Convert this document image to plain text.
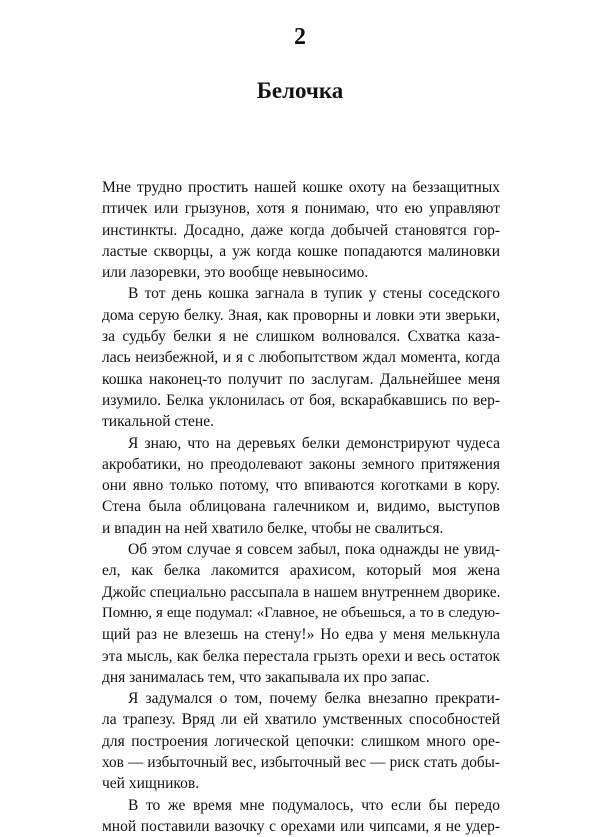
2
Белочка
Мне трудно простить нашей кошке охоту на беззащитных
птичек или грызунов, хотя я понимаю, что ею управляют
инстинкты. Досадно, даже когда добычей становятся гор-
ластые скворцы, а уж когда кошке попадаются малиновки
или лазоревки, это вообще невыносимо.
В тот день кошка загнала в тупик у стены соседского
дома серую белку. Зная, как проворны и ловки эти зверьки,
за судьбу белки я не слишком волновался. Схватка каза-
лась неизбежной, и я с любопытством ждал момента, когда
кошка наконец-то получит по заслугам. Дальнейшее меня
изумило. Белка уклонилась от боя, вскарабкавшись по вер-
тикальной стене.
Я знаю, что на деревьях белки демонстрируют чудеса
акробатики, но преодолевают законы земного притяжения
они явно только потому, что впиваются коготками в кору.
Стена была облицована галечником и, видимо, выступов
и впадин на ней хватило белке, чтобы не свалиться.
Об этом случае я совсем забыл, пока однажды не увид-
ел, как белка лакомится арахисом, который моя жена
Джойс специально рассыпала в нашем внутреннем дворике.
Помню, я еще подумал: «Главное, не объешься, а то в следую-
щий раз не влезешь на стену!» Но едва у меня мелькнула
эта мысль, как белка перестала грызть орехи и весь остаток
дня занималась тем, что закапывала их про запас.
Я задумался о том, почему белка внезапно прекрати-
ла трапезу. Вряд ли ей хватило умственных способностей
для построения логической цепочки: слишком много оре-
хов — избыточный вес, избыточный вес — риск стать добы-
чей хищников.
В то же время мне подумалось, что если бы передо
мной поставили вазочку с орехами или чипсами, я не удер-
